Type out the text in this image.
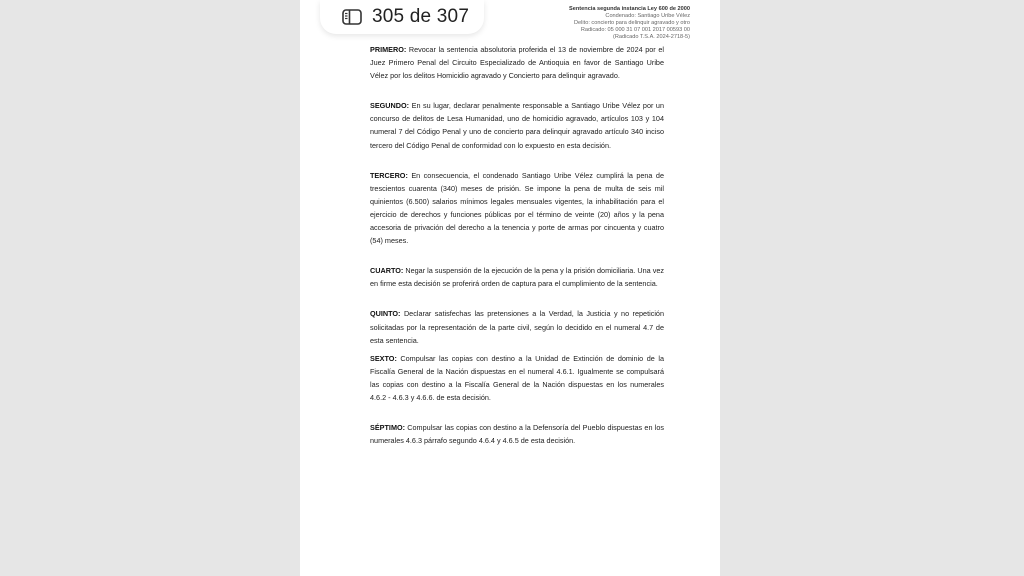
Sentencia segunda instancia Ley 600 de 2000
Condenado: Santiago Uribe Vélez
Delito: concierto para delinquir agravado y otro
Radicado: 05 000 31 07 001 2017 00593 00
(Radicado T.S.A. 2024-2718-5)

PRIMERO: Revocar la sentencia absolutoria proferida el 13 de noviembre de 2024 por el Juez Primero Penal del Circuito Especializado de Antioquia en favor de Santiago Uribe Vélez por los delitos Homicidio agravado y Concierto para delinquir agravado.

SEGUNDO: En su lugar, declarar penalmente responsable a Santiago Uribe Vélez por un concurso de delitos de Lesa Humanidad, uno de homicidio agravado, artículos 103 y 104 numeral 7 del Código Penal y uno de concierto para delinquir agravado artículo 340 inciso tercero del Código Penal de conformidad con lo expuesto en esta decisión.

TERCERO: En consecuencia, el condenado Santiago Uribe Vélez cumplirá la pena de trescientos cuarenta (340) meses de prisión. Se impone la pena de multa de seis mil quinientos (6.500) salarios mínimos legales mensuales vigentes, la inhabilitación para el ejercicio de derechos y funciones públicas por el término de veinte (20) años y la pena accesoria de privación del derecho a la tenencia y porte de armas por cincuenta y cuatro (54) meses.

CUARTO: Negar la suspensión de la ejecución de la pena y la prisión domiciliaria. Una vez en firme esta decisión se proferirá orden de captura para el cumplimiento de la sentencia.

QUINTO: Declarar satisfechas las pretensiones a la Verdad, la Justicia y no repetición solicitadas por la representación de la parte civil, según lo decidido en el numeral 4.7 de esta sentencia.

SEXTO: Compulsar las copias con destino a la Unidad de Extinción de dominio de la Fiscalía General de la Nación dispuestas en el numeral 4.6.1. Igualmente se compulsará las copias con destino a la Fiscalía General de la Nación dispuestas en los numerales 4.6.2 - 4.6.3 y 4.6.6. de esta decisión.

SÉPTIMO: Compulsar las copias con destino a la Defensoría del Pueblo dispuestas en los numerales 4.6.3 párrafo segundo 4.6.4 y 4.6.5 de esta decisión.

305 de 307
